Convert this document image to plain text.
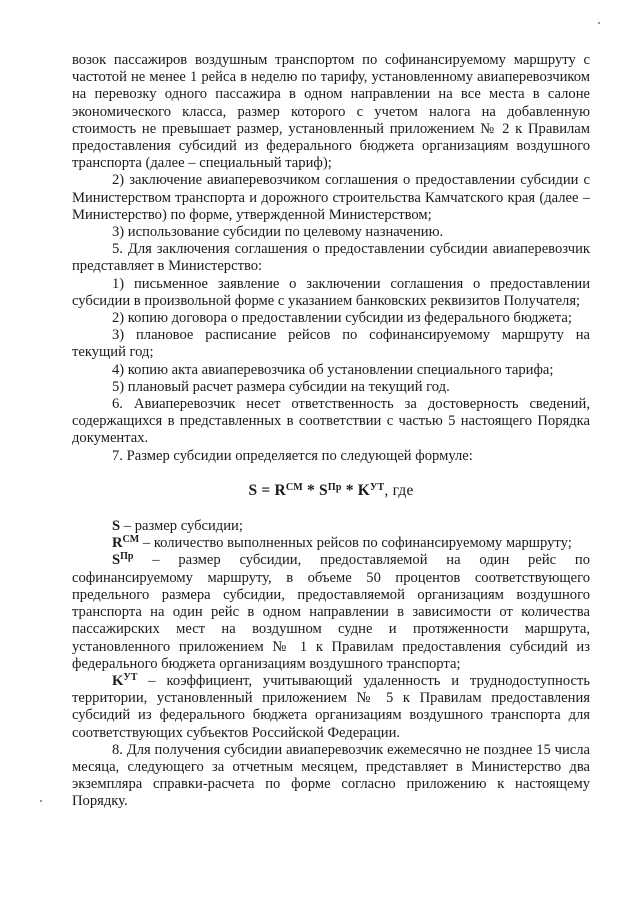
возок пассажиров воздушным транспортом по софинансируемому маршруту с частотой не менее 1 рейса в неделю по тарифу, установленному авиаперевозчиком на перевозку одного пассажира в одном направлении на все места в салоне экономического класса, размер которого с учетом налога на добавленную стоимость не превышает размер, установленный приложением № 2 к Правилам предоставления субсидий из федерального бюджета организациям воздушного транспорта (далее – специальный тариф);

2) заключение авиаперевозчиком соглашения о предоставлении субсидии с Министерством транспорта и дорожного строительства Камчатского края (далее – Министерство) по форме, утвержденной Министерством;

3) использование субсидии по целевому назначению.

5. Для заключения соглашения о предоставлении субсидии авиаперевозчик представляет в Министерство:

1) письменное заявление о заключении соглашения о предоставлении субсидии в произвольной форме с указанием банковских реквизитов Получателя;

2) копию договора о предоставлении субсидии из федерального бюджета;

3) плановое расписание рейсов по софинансируемому маршруту на текущий год;

4) копию акта авиаперевозчика об установлении специального тарифа;

5) плановый расчет размера субсидии на текущий год.

6. Авиаперевозчик несет ответственность за достоверность сведений, содержащихся в представленных в соответствии с частью 5 настоящего Порядка документах.

7. Размер субсидии определяется по следующей формуле:

$S = R^{СМ} * S^{Пр} * K^{УТ}$, где

S – размер субсидии;

$R^{СМ}$ – количество выполненных рейсов по софинансируемому маршруту;

$S^{Пр}$ – размер субсидии, предоставляемой на один рейс по софинансируемому маршруту, в объеме 50 процентов соответствующего предельного размера субсидии, предоставляемой организациям воздушного транспорта на один рейс в одном направлении в зависимости от количества пассажирских мест на воздушном судне и протяженности маршрута, установленного приложением № 1 к Правилам предоставления субсидий из федерального бюджета организациям воздушного транспорта;

$K^{УТ}$ – коэффициент, учитывающий удаленность и труднодоступность территории, установленный приложением № 5 к Правилам предоставления субсидий из федерального бюджета организациям воздушного транспорта для соответствующих субъектов Российской Федерации.

8. Для получения субсидии авиаперевозчик ежемесячно не позднее 15 числа месяца, следующего за отчетным месяцем, представляет в Министерство два экземпляра справки-расчета по форме согласно приложению к настоящему Порядку.
